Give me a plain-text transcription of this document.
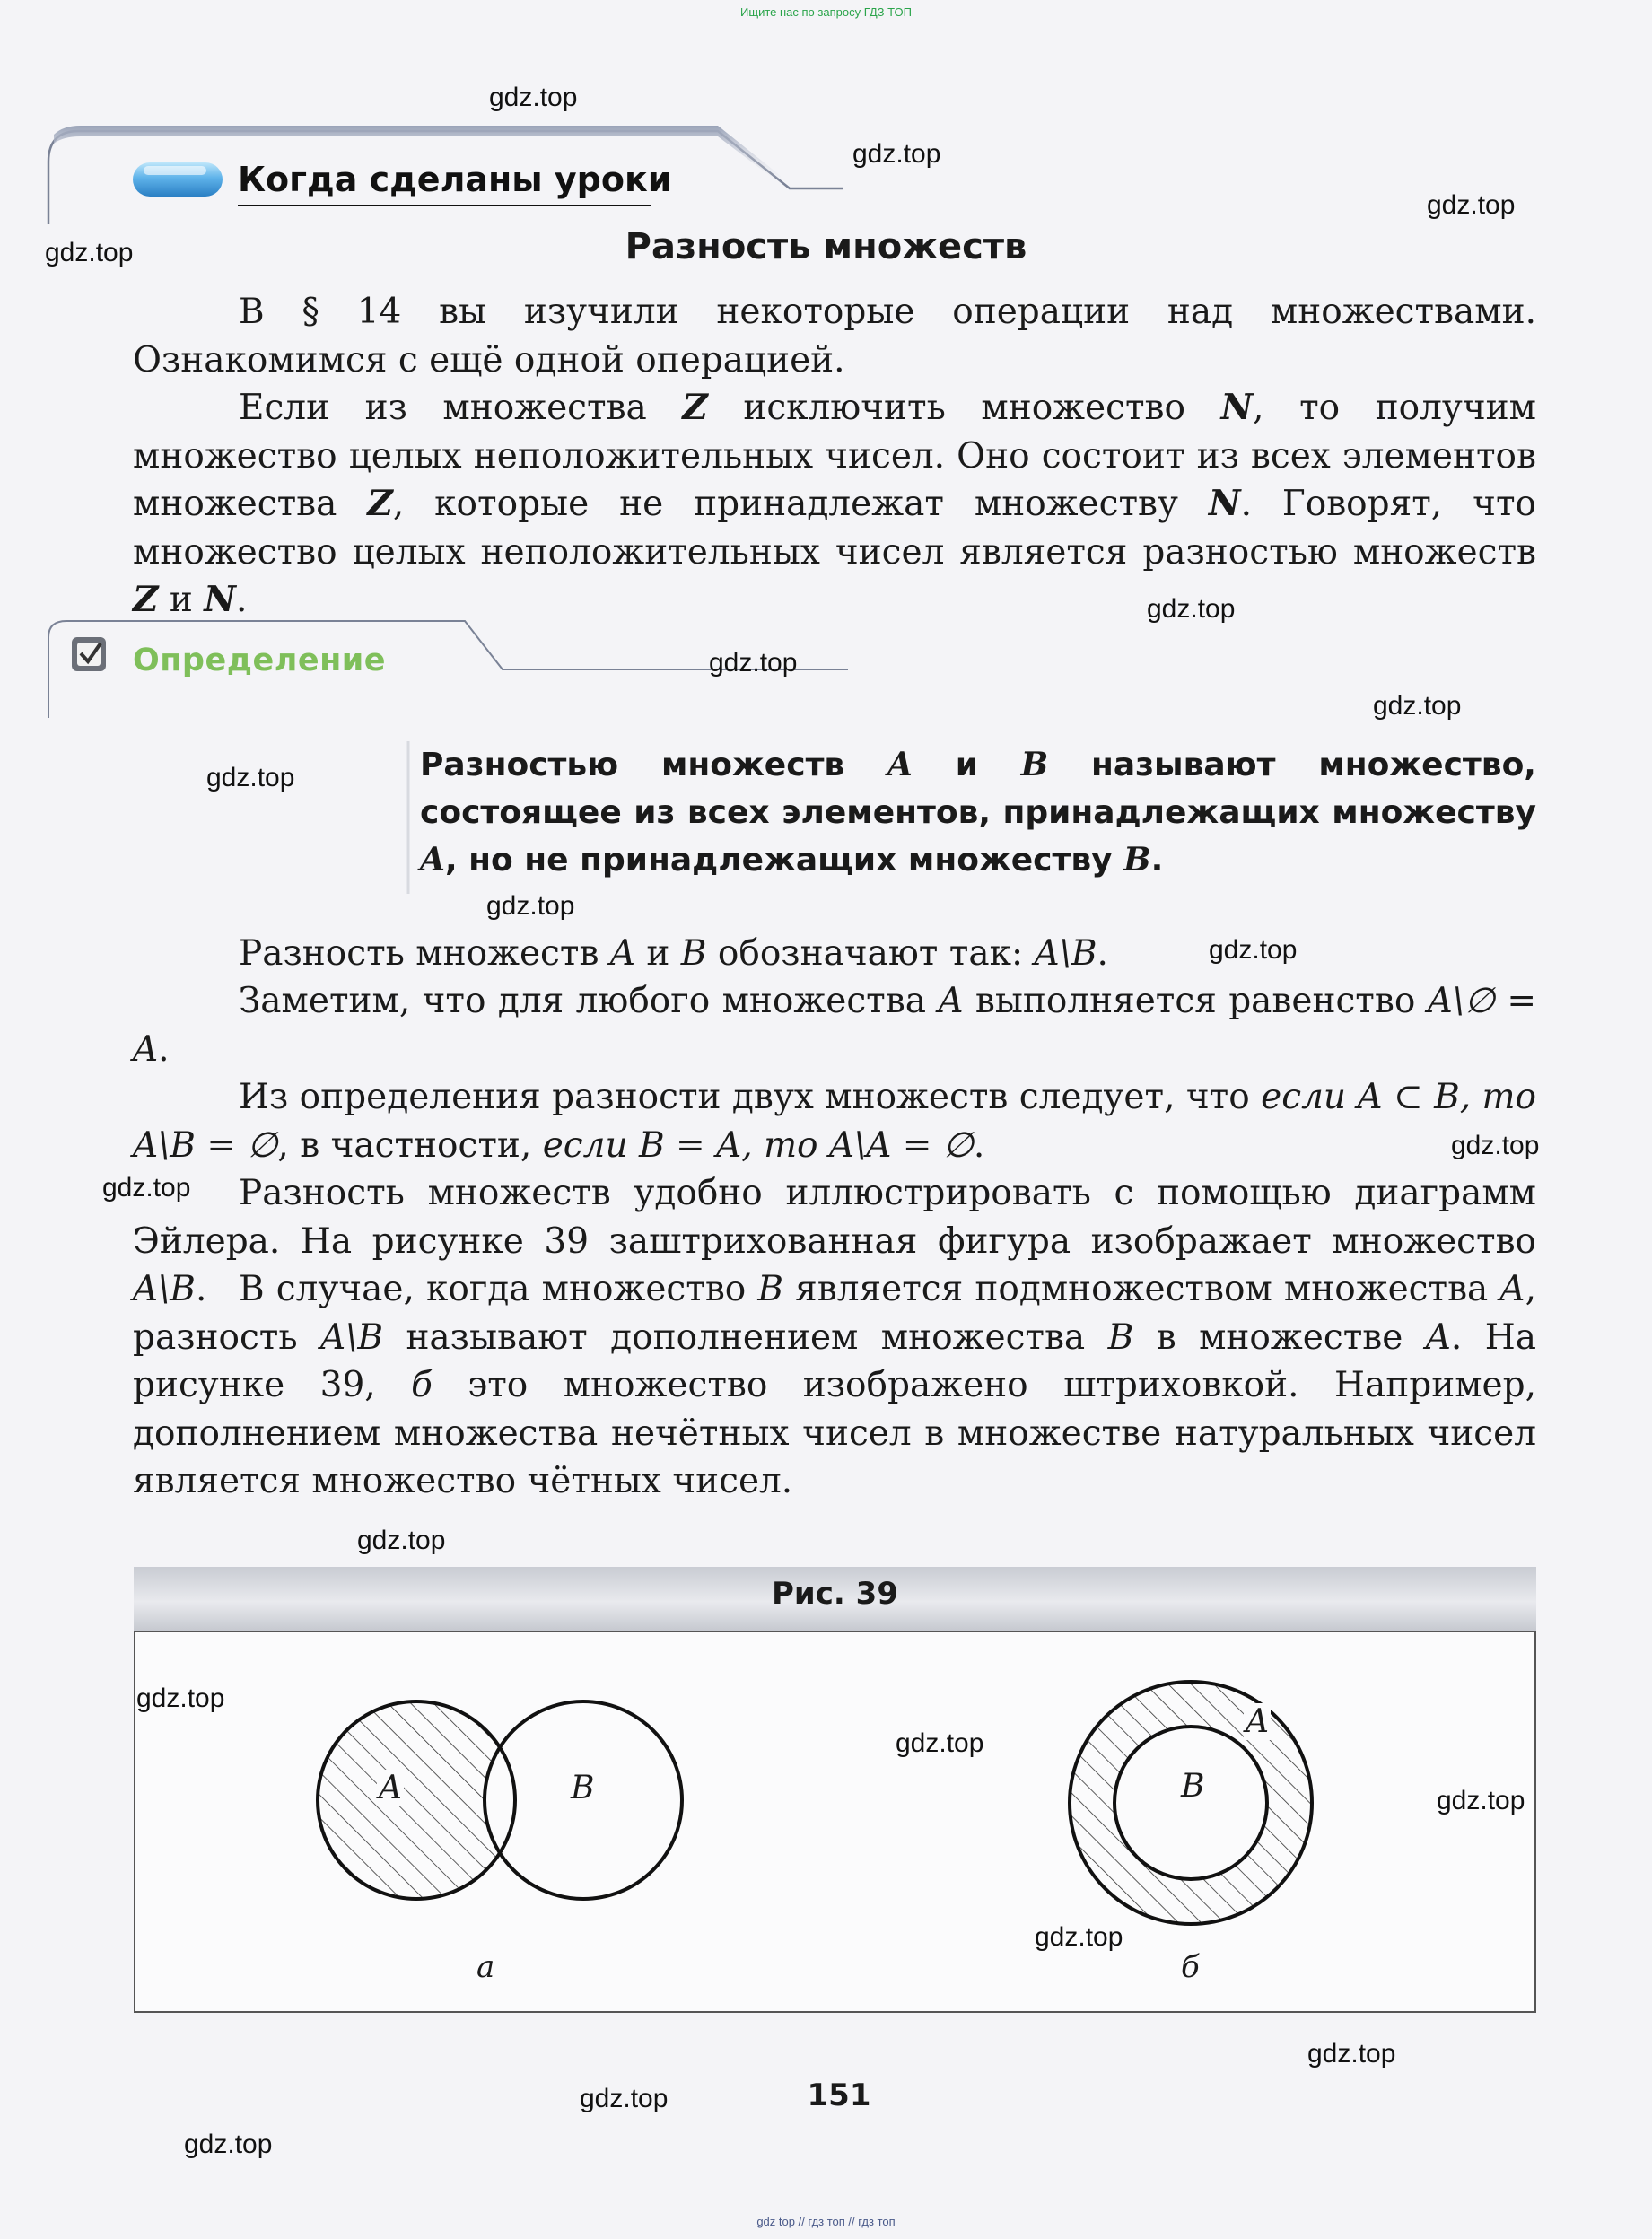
Ищите нас по запросу ГДЗ ТОП
Когда сделаны уроки
Разность множеств

В § 14 вы изучили некоторые операции над множествами. Ознакомимся с ещё одной операцией.

Если из множества Z исключить множество N, то получим множество целых неположительных чисел. Оно состоит из всех элементов множества Z, которые не принадлежат множеству N. Говорят, что множество целых неположительных чисел является разностью множеств Z и N.

Определение

Разностью множеств A и B называют множество, состоящее из всех элементов, принадлежащих множеству A, но не принадлежащих множеству B.

Разность множеств A и B обозначают так: A\B.

Заметим, что для любого множества A выполняется равенство A\∅ = A.

Из определения разности двух множеств следует, что если A ⊂ B, то A\B = ∅, в частности, если B = A, то A\A = ∅.

Разность множеств удобно иллюстрировать с помощью диаграмм Эйлера. На рисунке 39 заштрихованная фигура изображает множество A\B. В случае, когда множество B является подмножеством множества A, разность A\B называют дополнением множества B в множестве A. На рисунке 39, б это множество изображено штриховкой. Например, дополнением множества нечётных чисел в множестве натуральных чисел является множество чётных чисел.

Рис. 39
A	B
A
B
а	б
151
gdz.top
gdz.top
gdz.top
gdz.top
gdz.top
gdz.top
gdz.top
gdz.top
gdz.top
gdz.top
gdz.top
gdz.top
gdz.top
gdz.top
gdz.top
gdz.top
gdz.top
gdz.top
gdz.top
gdz.top
gdz top // гдз топ // гдз топ
